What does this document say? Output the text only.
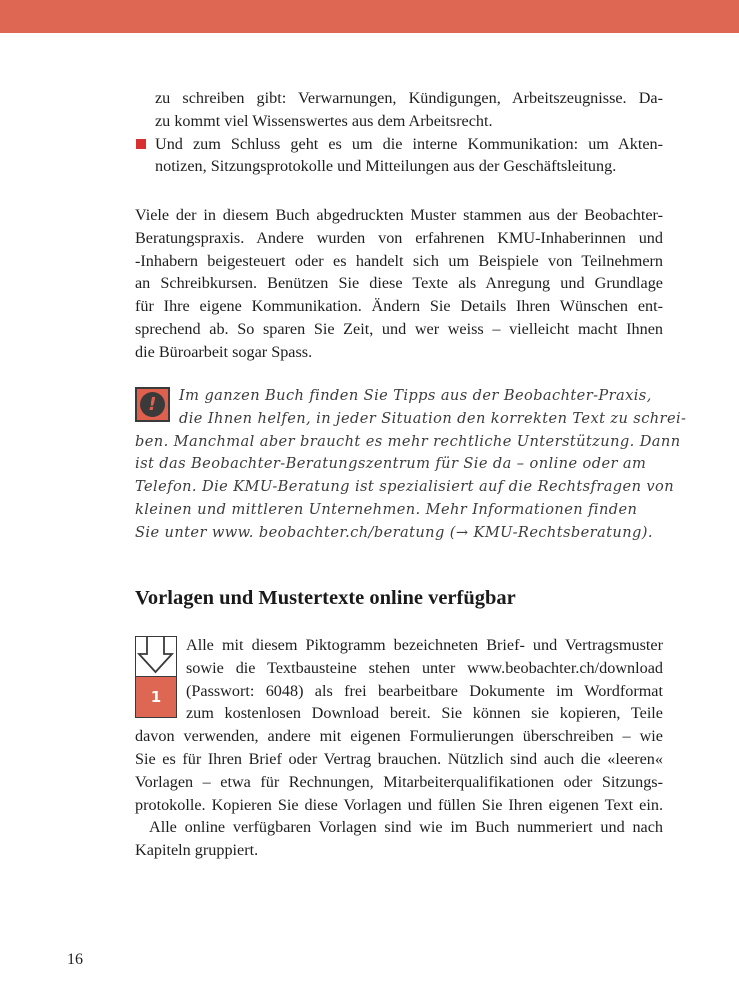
zu schreiben gibt: Verwarnungen, Kündigungen, Arbeitszeugnisse. Da-
zu kommt viel Wissenswertes aus dem Arbeitsrecht.
Und zum Schluss geht es um die interne Kommunikation: um Akten-
notizen, Sitzungsprotokolle und Mitteilungen aus der Geschäftsleitung.
Viele der in diesem Buch abgedruckten Muster stammen aus der Beobachter-
Beratungspraxis. Andere wurden von erfahrenen KMU-Inhaberinnen und
-Inhabern beigesteuert oder es handelt sich um Beispiele von Teilnehmern
an Schreibkursen. Benützen Sie diese Texte als Anregung und Grundlage
für Ihre eigene Kommunikation. Ändern Sie Details Ihren Wünschen ent-
sprechend ab. So sparen Sie Zeit, und wer weiss – vielleicht macht Ihnen
die Büroarbeit sogar Spass.
!	Im ganzen Buch finden Sie Tipps aus der Beobachter-Praxis,
die Ihnen helfen, in jeder Situation den korrekten Text zu schrei-
ben. Manchmal aber braucht es mehr rechtliche Unterstützung. Dann
ist das Beobachter-Beratungszentrum für Sie da – online oder am
Telefon. Die KMU-Beratung ist spezialisiert auf die Rechtsfragen von
kleinen und mittleren Unternehmen. Mehr Informationen finden
Sie unter www. beobachter.ch/beratung (→ KMU-Rechtsberatung).
Vorlagen und Mustertexte online verfügbar
1
Alle mit diesem Piktogramm bezeichneten Brief- und Vertragsmuster
sowie die Textbausteine stehen unter www.beobachter.ch/download
(Passwort: 6048) als frei bearbeitbare Dokumente im Wordformat
zum kostenlosen Download bereit. Sie können sie kopieren, Teile
davon verwenden, andere mit eigenen Formulierungen überschreiben – wie
Sie es für Ihren Brief oder Vertrag brauchen. Nützlich sind auch die «leeren«
Vorlagen – etwa für Rechnungen, Mitarbeiterqualifikationen oder Sitzungs-
protokolle. Kopieren Sie diese Vorlagen und füllen Sie Ihren eigenen Text ein.
Alle online verfügbaren Vorlagen sind wie im Buch nummeriert und nach
Kapiteln gruppiert.
16
